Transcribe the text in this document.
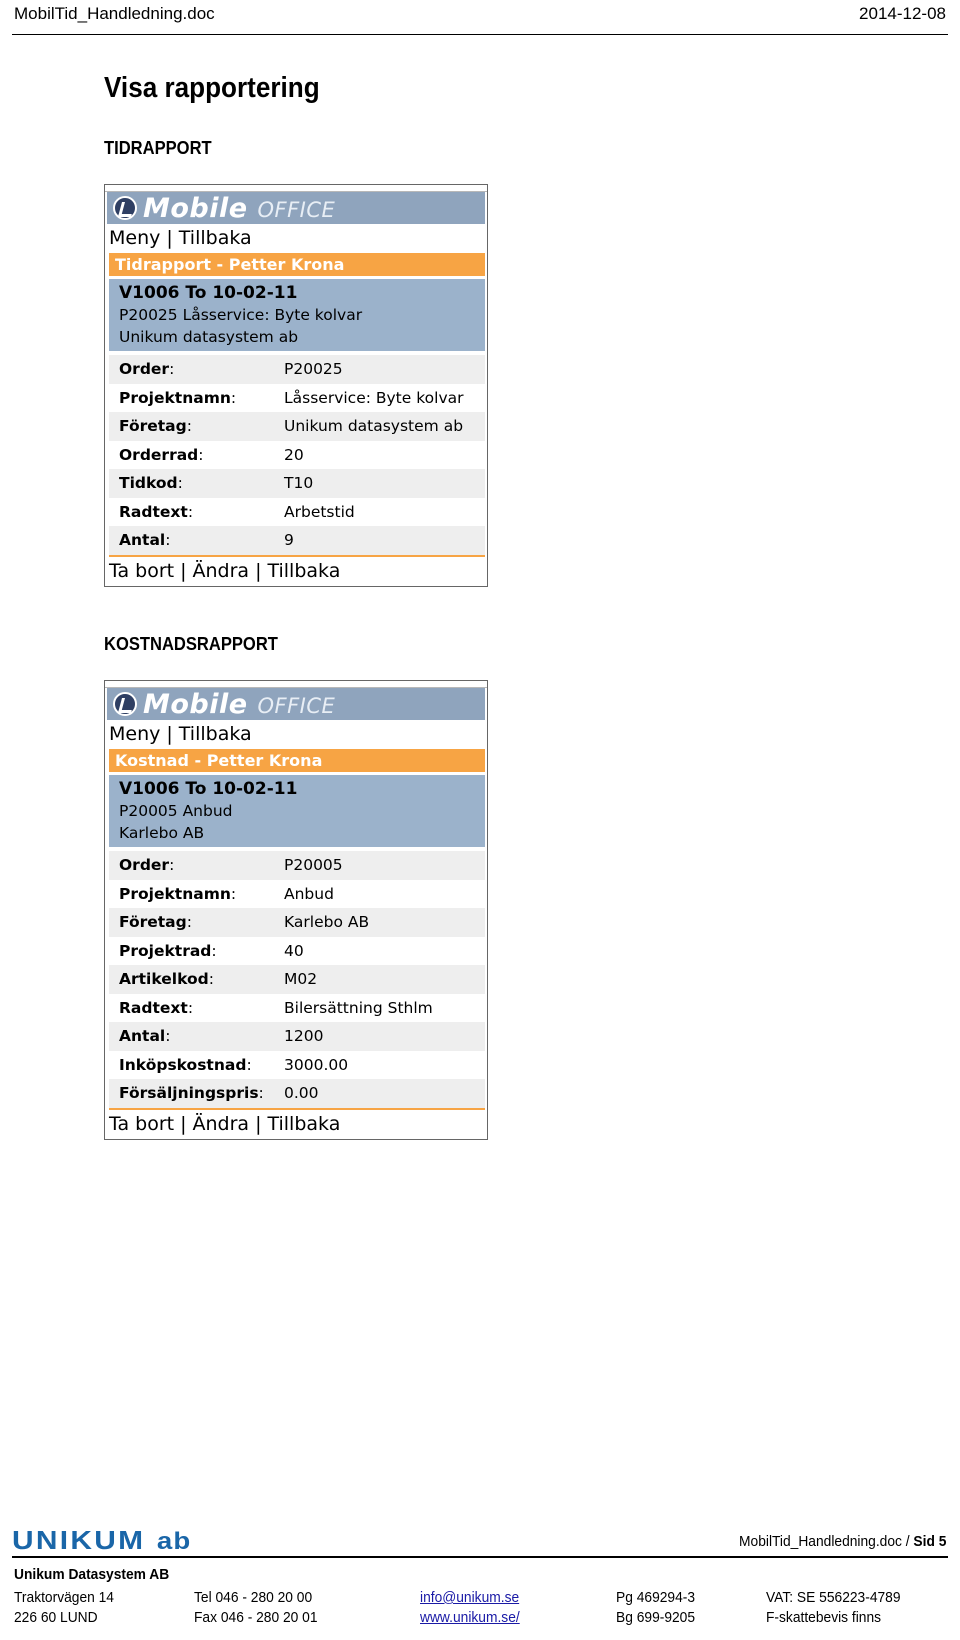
MobilTid_Handledning.doc	2014-12-08
Visa rapportering
TIDRAPPORT
Mobile OFFICE
Meny | Tillbaka
Tidrapport - Petter Krona
V1006 To 10-02-11
P20025 Låsservice: Byte kolvar
Unikum datasystem ab
Order:	P20025
Projektnamn:	Låsservice: Byte kolvar
Företag:	Unikum datasystem ab
Orderrad:	20
Tidkod:	T10
Radtext:	Arbetstid
Antal:	9
Ta bort | Ändra | Tillbaka
KOSTNADSRAPPORT
Mobile OFFICE
Meny | Tillbaka
Kostnad - Petter Krona
V1006 To 10-02-11
P20005 Anbud
Karlebo AB
Order:	P20005
Projektnamn:	Anbud
Företag:	Karlebo AB
Projektrad:	40
Artikelkod:	M02
Radtext:	Bilersättning Sthlm
Antal:	1200
Inköpskostnad:	3000.00
Försäljningspris:	0.00
Ta bort | Ändra | Tillbaka
UNIKUM ab	MobilTid_Handledning.doc / Sid 5
Unikum Datasystem AB
Traktorvägen 14
226 60 LUND
Tel 046 - 280 20 00
Fax 046 - 280 20 01
info@unikum.se
www.unikum.se/
Pg 469294-3
Bg 699-9205
VAT: SE 556223-4789
F-skattebevis finns
